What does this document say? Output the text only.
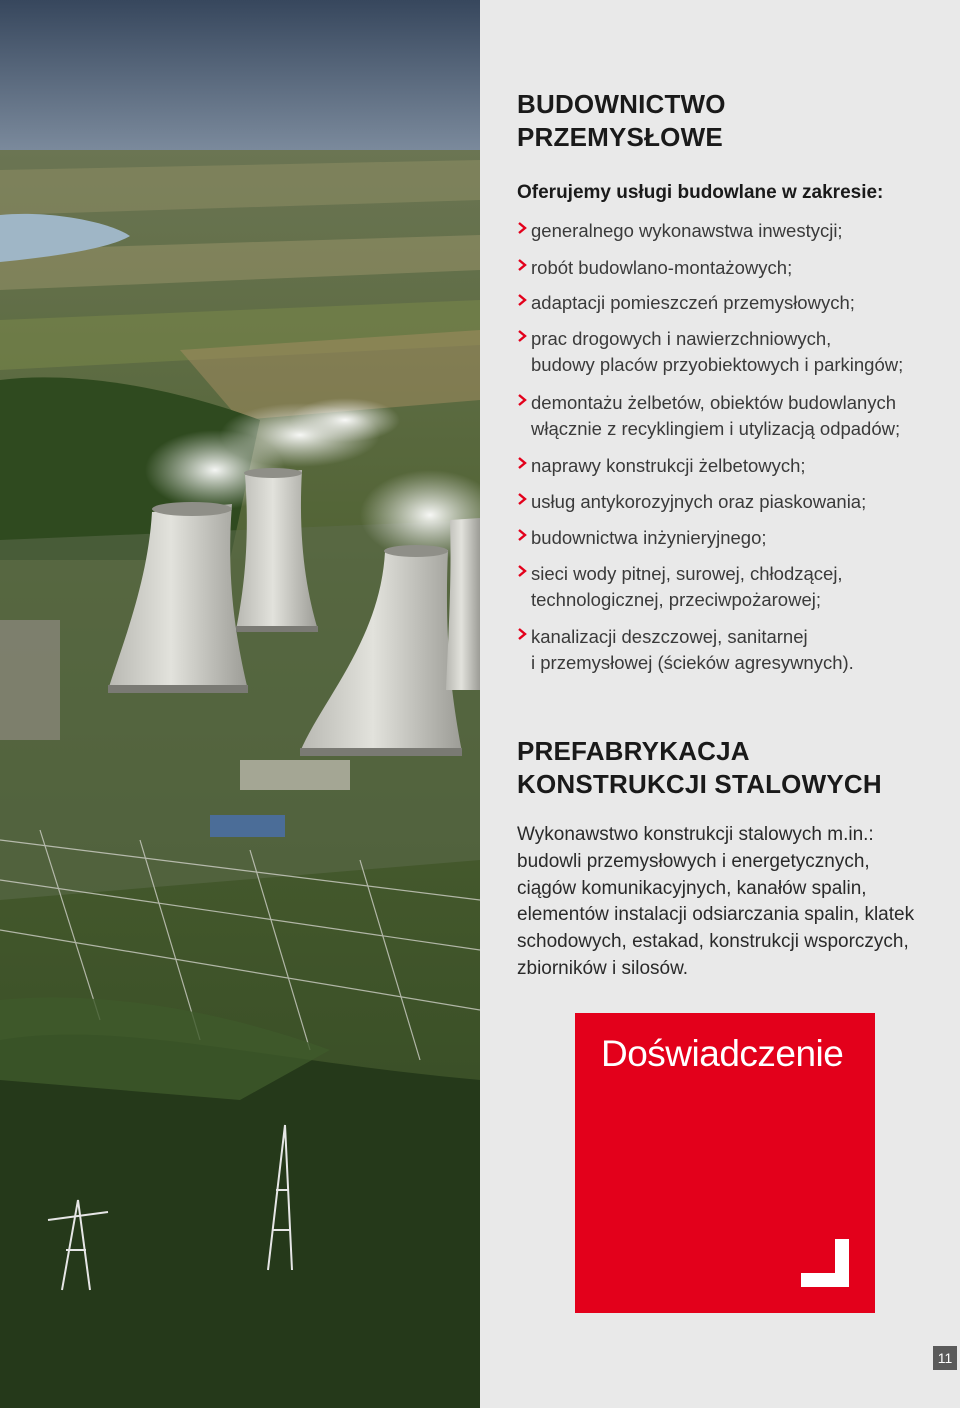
BUDOWNICTWO
PRZEMYSŁOWE

Oferujemy usługi budowlane w zakresie:

generalnego wykonawstwa inwestycji;
robót budowlano-montażowych;
adaptacji pomieszczeń przemysłowych;
prac drogowych i nawierzchniowych,
budowy placów przyobiektowych i parkingów;
demontażu żelbetów, obiektów budowlanych
włącznie z recyklingiem i utylizacją odpadów;
naprawy konstrukcji żelbetowych;
usług antykorozyjnych oraz piaskowania;
budownictwa inżynieryjnego;
sieci wody pitnej, surowej, chłodzącej,
technologicznej, przeciwpożarowej;
kanalizacji deszczowej, sanitarnej
i przemysłowej (ścieków agresywnych).
PREFABRYKACJA
KONSTRUKCJI STALOWYCH

Wykonawstwo konstrukcji stalowych m.in.:
budowli przemysłowych i energetycznych,
ciągów komunikacyjnych, kanałów spalin,
elementów instalacji odsiarczania spalin, klatek
schodowych, estakad, konstrukcji wsporczych,
zbiorników i silosów.

Doświadczenie
11
